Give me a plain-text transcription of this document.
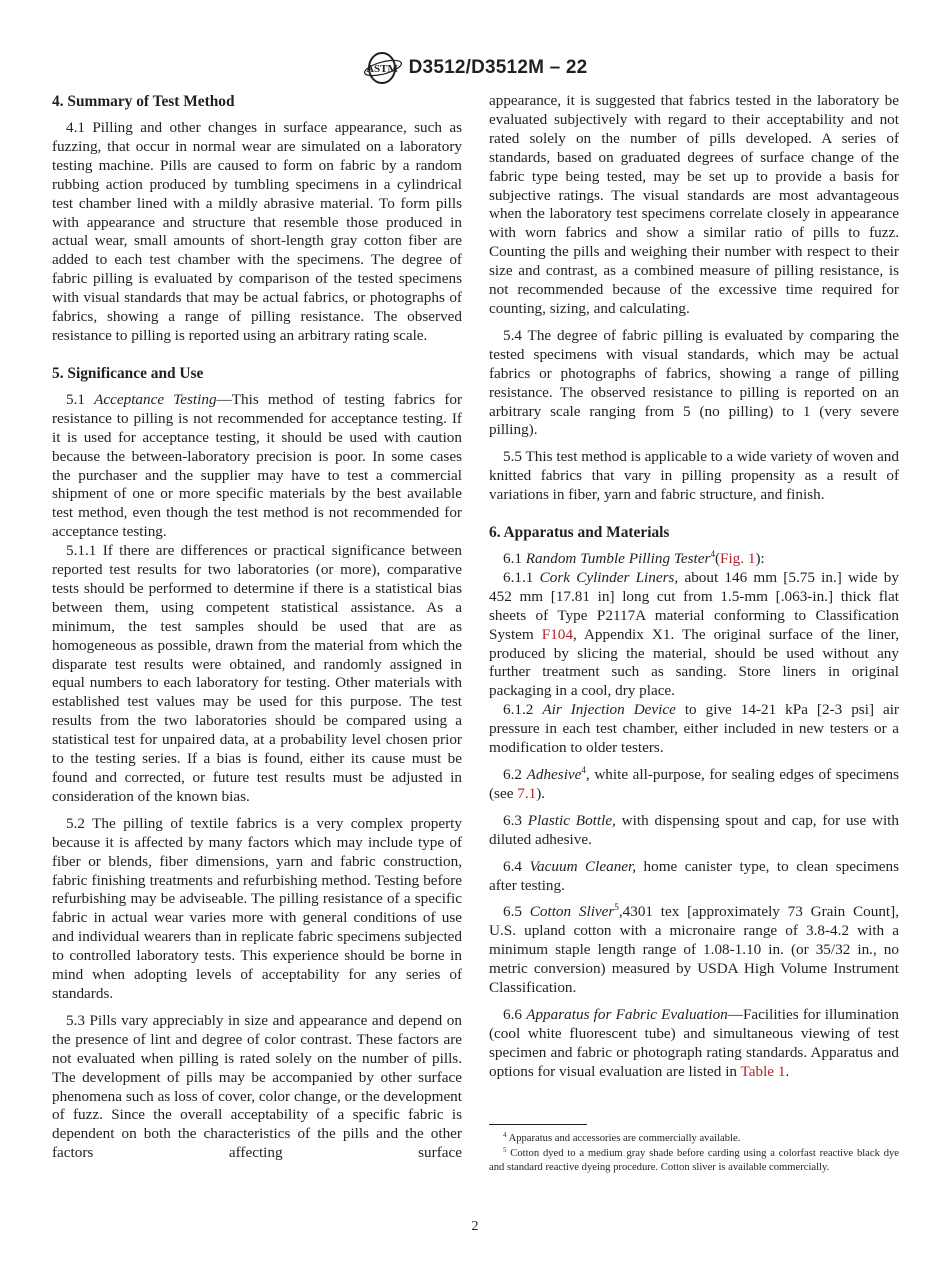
ASTM D3512/D3512M – 22
4. Summary of Test Method

4.1 Pilling and other changes in surface appearance, such as fuzzing, that occur in normal wear are simulated on a laboratory testing machine. Pills are caused to form on fabric by a random rubbing action produced by tumbling specimens in a cylindrical test chamber lined with a mildly abrasive material. To form pills with appearance and structure that resemble those produced in actual wear, small amounts of short-length gray cotton fiber are added to each test chamber with the specimens. The degree of fabric pilling is evaluated by comparison of the tested specimens with visual standards that may be actual fabrics, or photographs of fabrics, showing a range of pilling resistance. The observed resistance to pilling is reported using an arbitrary rating scale.

5. Significance and Use

5.1 Acceptance Testing—This method of testing fabrics for resistance to pilling is not recommended for acceptance testing. If it is used for acceptance testing, it should be used with caution because the between-laboratory precision is poor. In some cases the purchaser and the supplier may have to test a commercial shipment of one or more specific materials by the best available test method, even though the test method is not recommended for acceptance testing.

5.1.1 If there are differences or practical significance between reported test results for two laboratories (or more), comparative tests should be performed to determine if there is a statistical bias between them, using competent statistical assistance. As a minimum, the test samples should be used that are as homogeneous as possible, drawn from the material from which the disparate test results were obtained, and randomly assigned in equal numbers to each laboratory for testing. Other materials with established test values may be used for this purpose. The test results from the two laboratories should be compared using a statistical test for unpaired data, at a probability level chosen prior to the testing series. If a bias is found, either its cause must be found and corrected, or future test results must be adjusted in consideration of the known bias.

5.2 The pilling of textile fabrics is a very complex property because it is affected by many factors which may include type of fiber or blends, fiber dimensions, yarn and fabric construction, fabric finishing treatments and refurbishing method. Testing before refurbishing may be adviseable. The pilling resistance of a specific fabric in actual wear varies more with general conditions of use and individual wearers than in replicate fabric specimens subjected to controlled laboratory tests. This experience should be borne in mind when adopting levels of acceptability for any series of standards.

5.3 Pills vary appreciably in size and appearance and depend on the presence of lint and degree of color contrast. These factors are not evaluated when pilling is rated solely on the number of pills. The development of pills may be accompanied by other surface phenomena such as loss of cover, color change, or the development of fuzz. Since the overall acceptability of a specific fabric is dependent on both the characteristics of the pills and the other factors affecting surface

appearance, it is suggested that fabrics tested in the laboratory be evaluated subjectively with regard to their acceptability and not rated solely on the number of pills developed. A series of standards, based on graduated degrees of surface change of the fabric type being tested, may be set up to provide a basis for subjective ratings. The visual standards are most advantageous when the laboratory test specimens correlate closely in appearance with worn fabrics and show a similar ratio of pills to fuzz. Counting the pills and weighing their number with respect to their size and contrast, as a combined measure of pilling resistance, is not recommended because of the excessive time required for counting, sizing, and calculating.

5.4 The degree of fabric pilling is evaluated by comparing the tested specimens with visual standards, which may be actual fabrics or photographs of fabrics, showing a range of pilling resistance. The observed resistance to pilling is reported on an arbitrary scale ranging from 5 (no pilling) to 1 (very severe pilling).

5.5 This test method is applicable to a wide variety of woven and knitted fabrics that vary in pilling propensity as a result of variations in fiber, yarn and fabric structure, and finish.

6. Apparatus and Materials

6.1 Random Tumble Pilling Tester$^4$(Fig. 1):

6.1.1 Cork Cylinder Liners, about 146 mm [5.75 in.] wide by 452 mm [17.81 in] long cut from 1.5-mm [.063-in.] thick flat sheets of Type P2117A material conforming to Classification System F104, Appendix X1. The original surface of the liner, produced by slicing the material, should be used without any further treatment such as sanding. Store liners in original packaging in a cool, dry place.

6.1.2 Air Injection Device to give 14-21 kPa [2-3 psi] air pressure in each test chamber, either included in new testers or a modification to older testers.

6.2 Adhesive$^4$, white all-purpose, for sealing edges of specimens (see 7.1).

6.3 Plastic Bottle, with dispensing spout and cap, for use with diluted adhesive.

6.4 Vacuum Cleaner, home canister type, to clean specimens after testing.

6.5 Cotton Sliver$^5$,4301 tex [approximately 73 Grain Count], U.S. upland cotton with a micronaire range of 3.8-4.2 with a minimum staple length range of 1.08-1.10 in. (or 35/32 in., no metric conversion) measured by USDA High Volume Instrument Classification.

6.6 Apparatus for Fabric Evaluation—Facilities for illumination (cool white fluorescent tube) and simultaneous viewing of test specimen and fabric or photograph rating standards. Apparatus and options for visual evaluation are listed in Table 1.

$^4$ Apparatus and accessories are commercially available.

$^5$ Cotton dyed to a medium gray shade before carding using a colorfast reactive black dye and standard reactive dyeing procedure. Cotton sliver is available commercially.

2
